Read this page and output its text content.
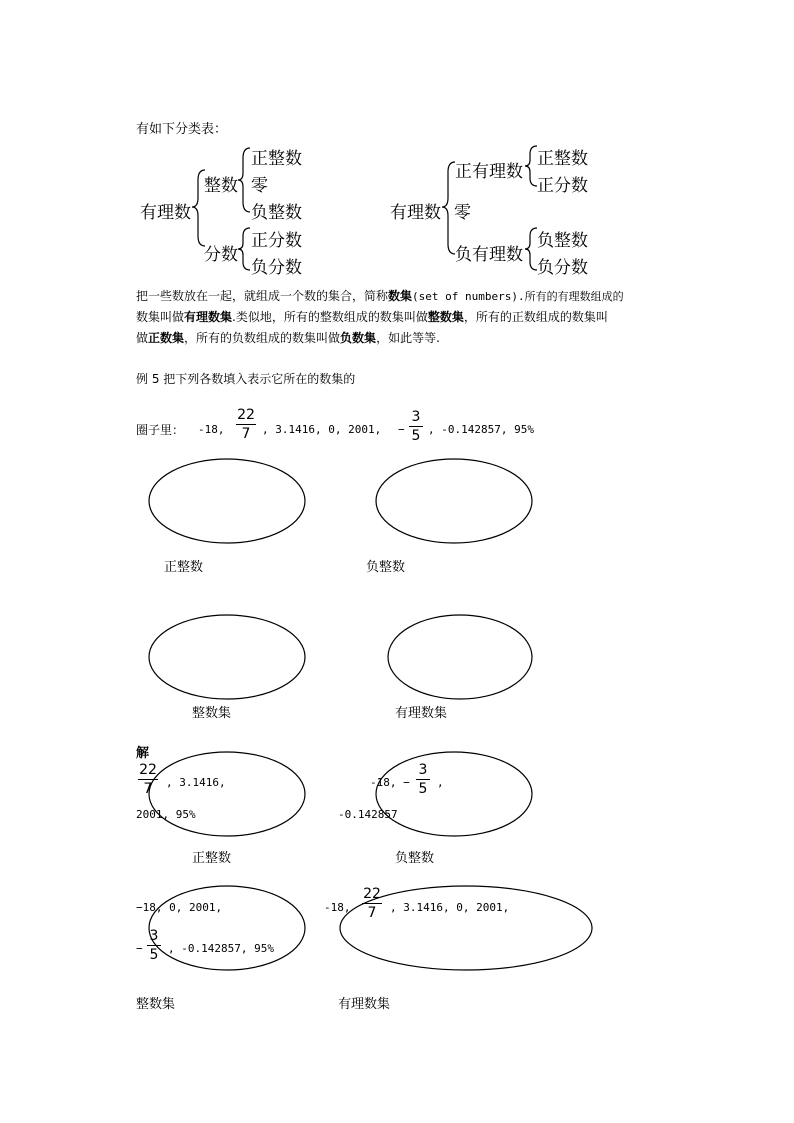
有如下分类表：
有理数
整数
分数
正整数
零
负整数
正分数
负分数
有理数
正有理数
零
负有理数
正整数
正分数
负整数
负分数
把一些数放在一起，就组成一个数的集合，简称数集(set of numbers).所有的有理数组成的
数集叫做有理数集.类似地，所有的整数组成的数集叫做整数集，所有的正数组成的数集叫
做正数集，所有的负数组成的数集叫做负数集，如此等等.
例 5 把下列各数填入表示它所在的数集的
圈子里： -18,
22
7	, 3.1416, 0, 2001, −
3
5 , -0.142857, 95%
正整数	负整数
整数集	有理数集
解
22
7	, 3.1416,
2001, 95%
正整数
-18, −
3
5 ,
-0.142857
负整数
−18, 0, 2001,
−
3
5 , -0.142857, 95%
整数集
-18,
22
7	, 3.1416, 0, 2001,
有理数集
